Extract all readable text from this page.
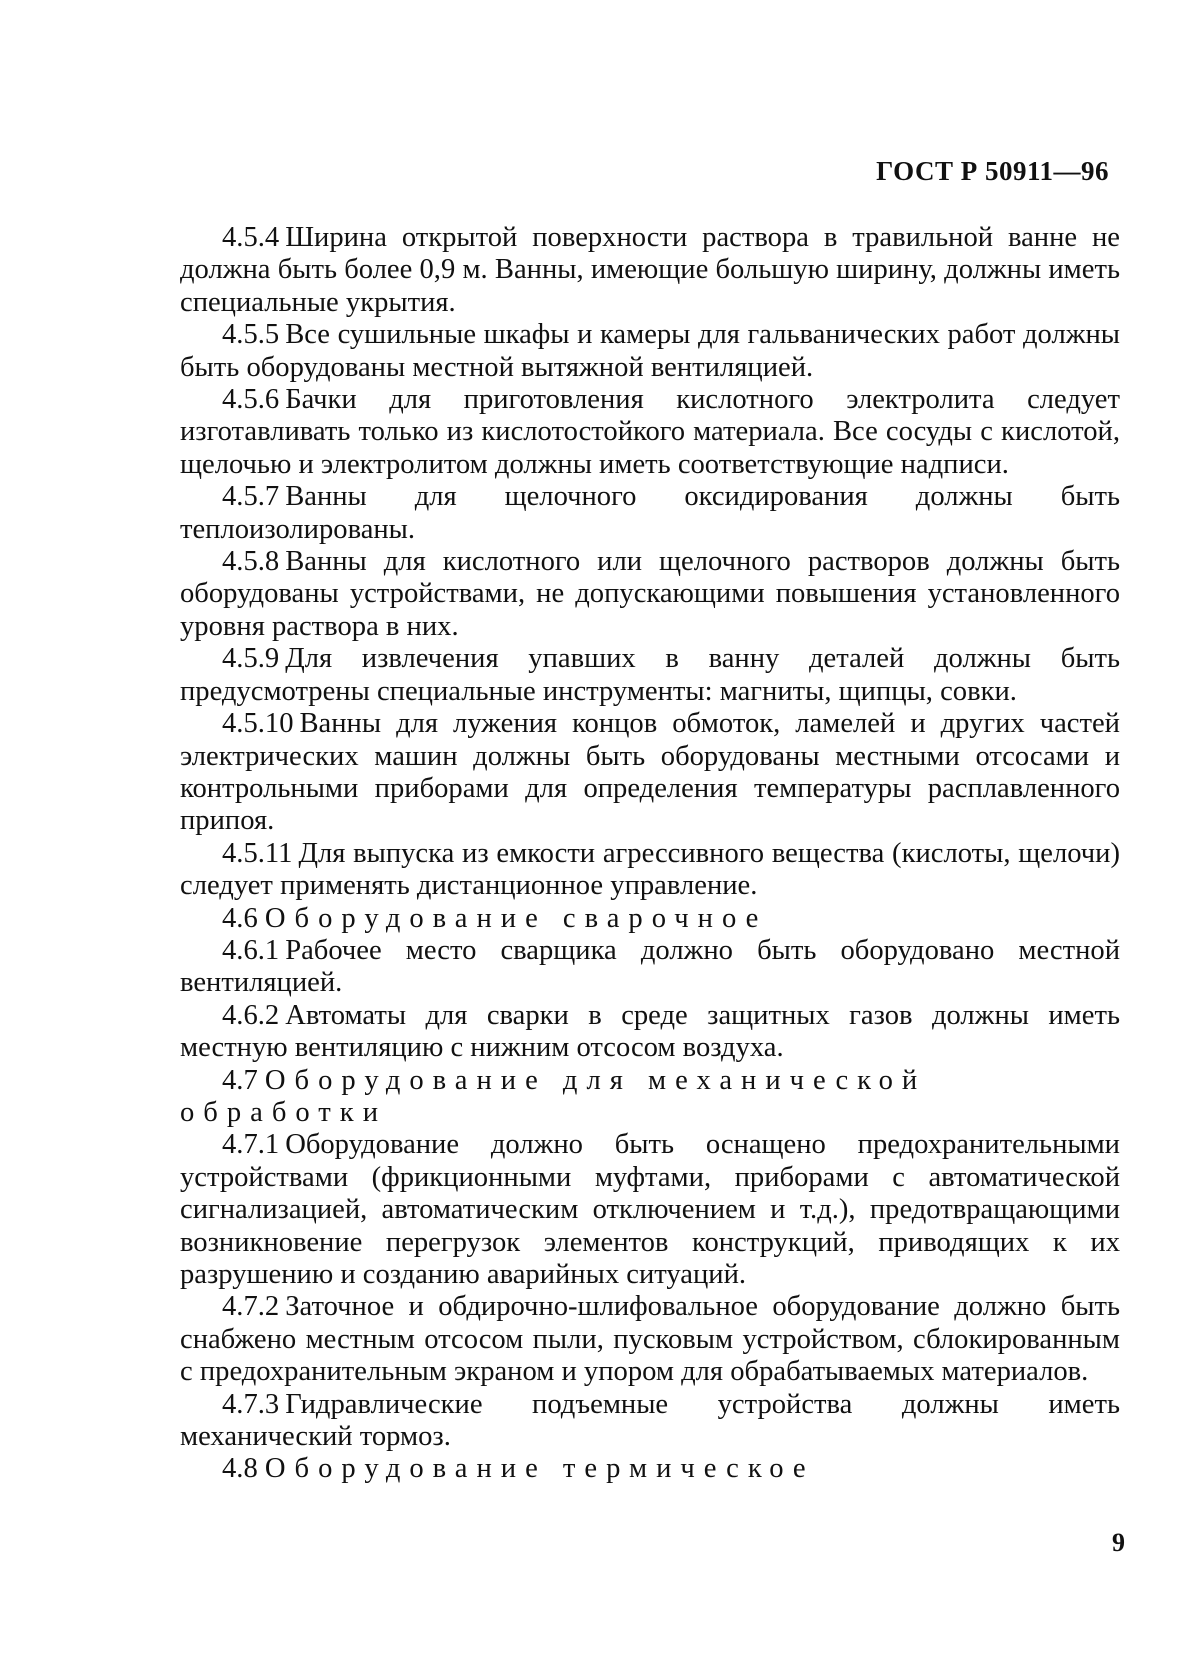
ГОСТ Р 50911—96

4.5.4 Ширина открытой поверхности раствора в травильной ванне не должна быть более 0,9 м. Ванны, имеющие большую ширину, должны иметь специальные укрытия.

4.5.5 Все сушильные шкафы и камеры для гальванических работ должны быть оборудованы местной вытяжной вентиляцией.

4.5.6 Бачки для приготовления кислотного электролита следует изготавливать только из кислотостойкого материала. Все сосуды с кислотой, щелочью и электролитом должны иметь соответствующие надписи.

4.5.7 Ванны для щелочного оксидирования должны быть теплоизолированы.

4.5.8 Ванны для кислотного или щелочного растворов должны быть оборудованы устройствами, не допускающими повышения установленного уровня раствора в них.

4.5.9 Для извлечения упавших в ванну деталей должны быть предусмотрены специальные инструменты: магниты, щипцы, совки.

4.5.10 Ванны для лужения концов обмоток, ламелей и других частей электрических машин должны быть оборудованы местными отсосами и контрольными приборами для определения температуры расплавленного припоя.

4.5.11 Для выпуска из емкости агрессивного вещества (кислоты, щелочи) следует применять дистанционное управление.

4.6 Оборудование сварочное

4.6.1 Рабочее место сварщика должно быть оборудовано местной вентиляцией.

4.6.2 Автоматы для сварки в среде защитных газов должны иметь местную вентиляцию с нижним отсосом воздуха.

4.7 Оборудование для механической обработки

4.7.1 Оборудование должно быть оснащено предохранительными устройствами (фрикционными муфтами, приборами с автоматической сигнализацией, автоматическим отключением и т.д.), предотвращающими возникновение перегрузок элементов конструкций, приводящих к их разрушению и созданию аварийных ситуаций.

4.7.2 Заточное и обдирочно-шлифовальное оборудование должно быть снабжено местным отсосом пыли, пусковым устройством, сблокированным с предохранительным экраном и упором для обрабатываемых материалов.

4.7.3 Гидравлические подъемные устройства должны иметь механический тормоз.

4.8 Оборудование термическое

9
